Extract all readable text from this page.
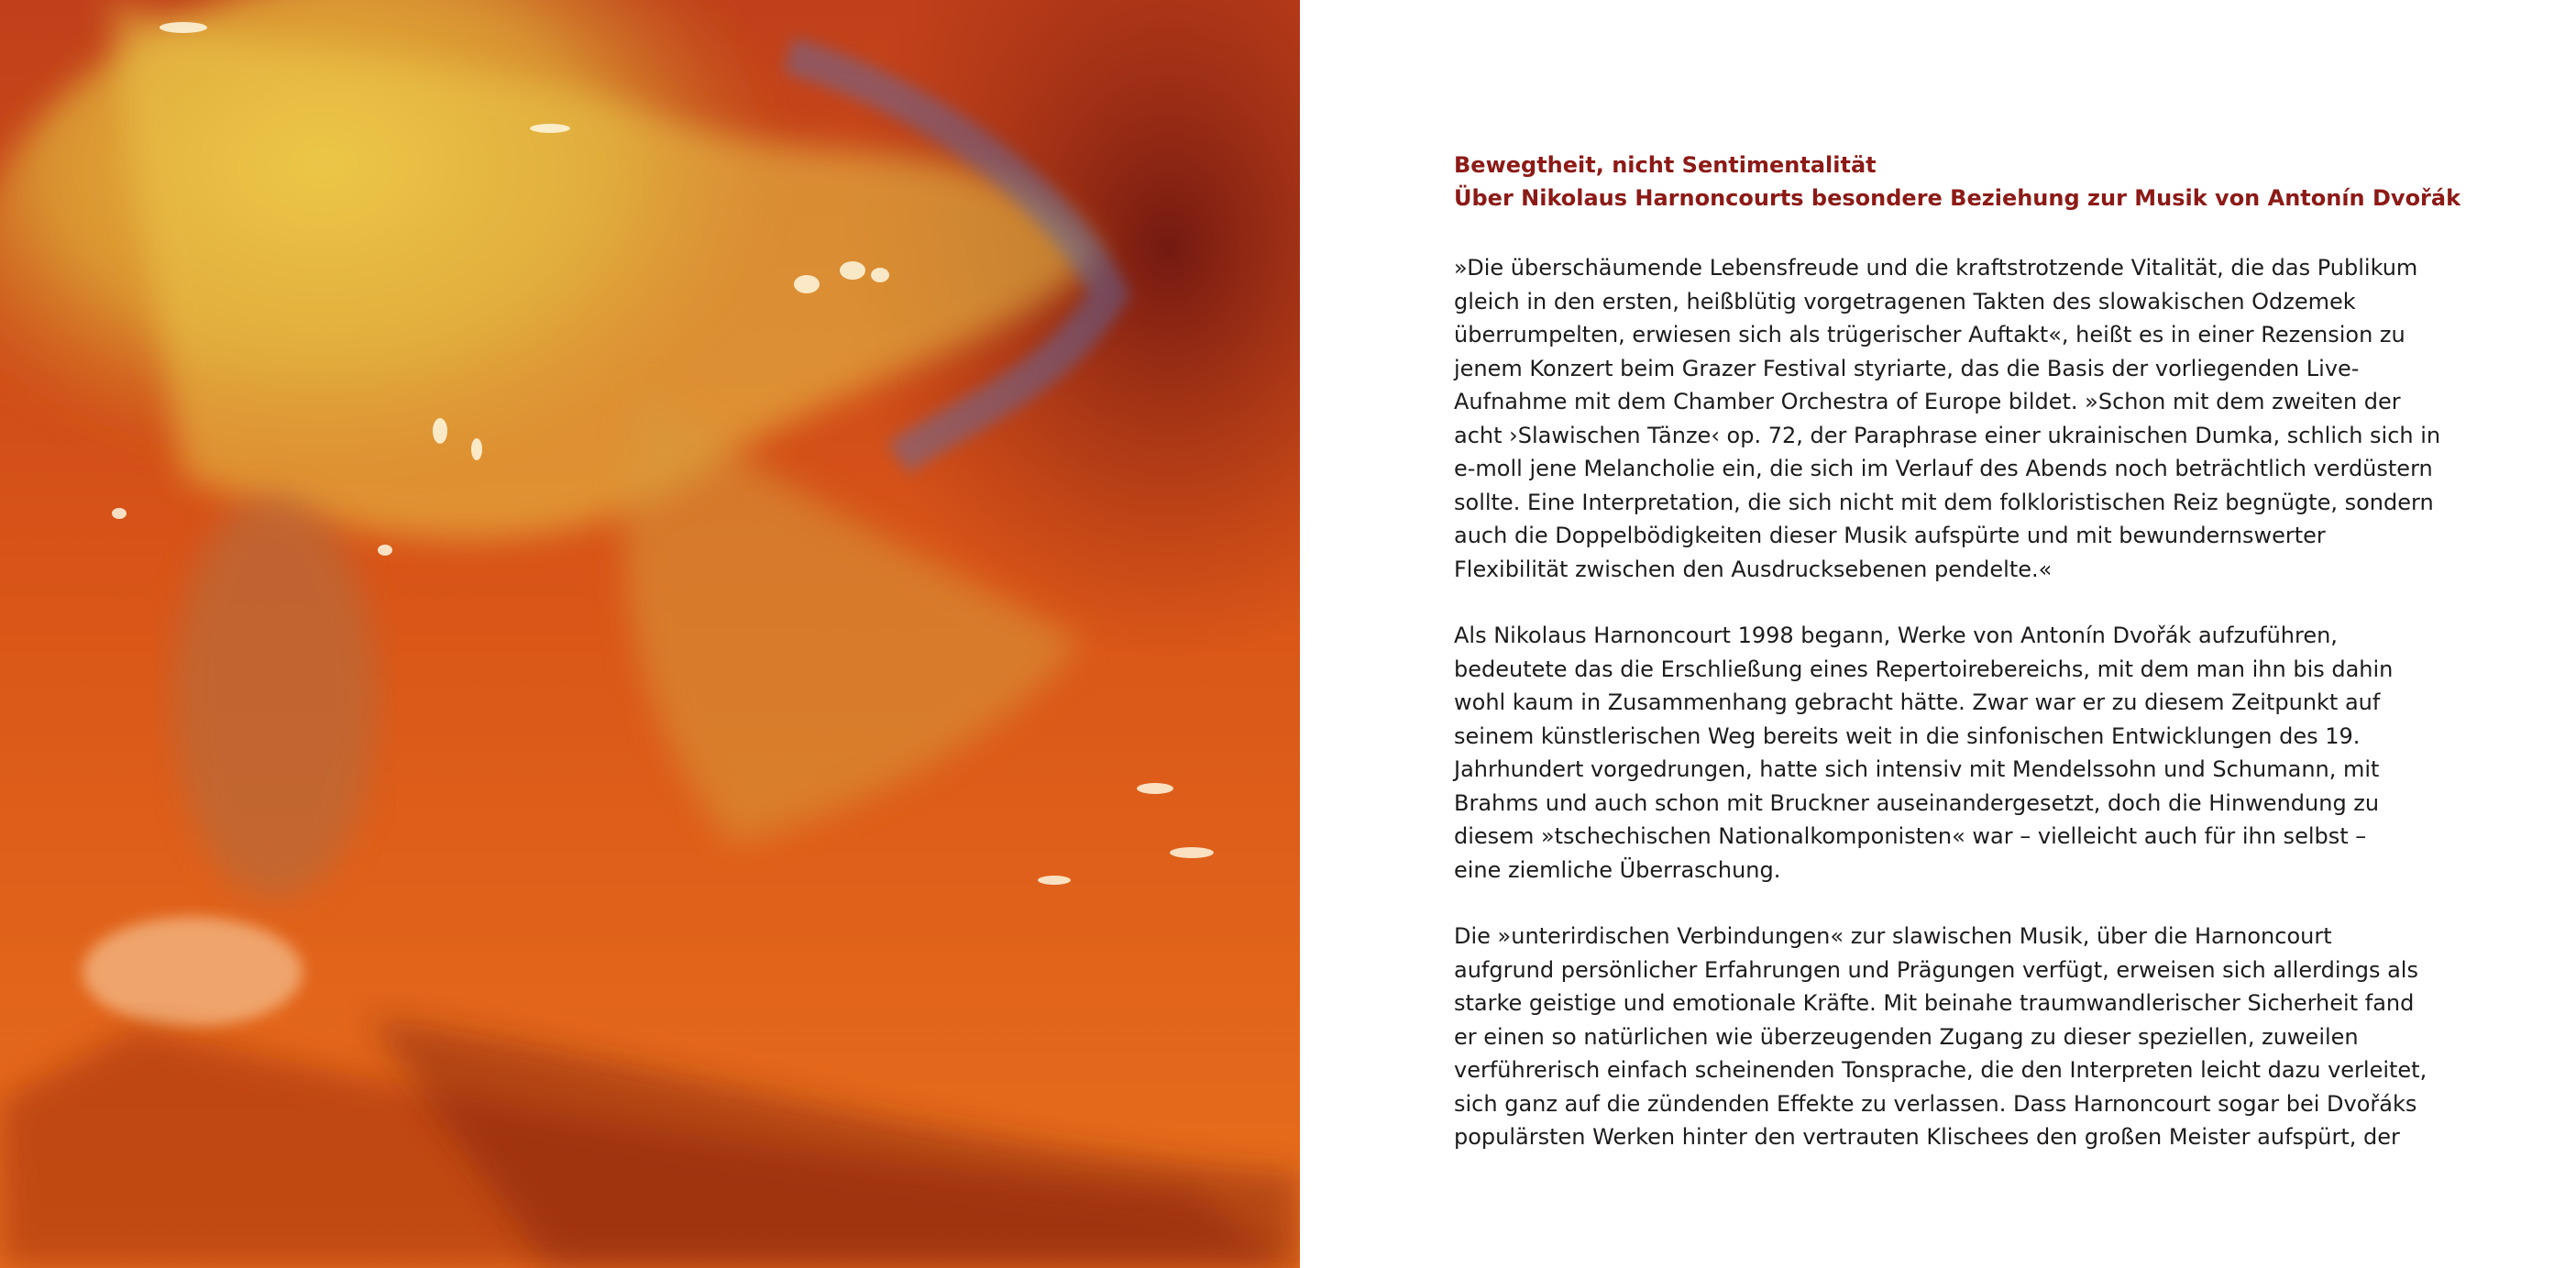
Bewegtheit, nicht Sentimentalität
Über Nikolaus Harnoncourts besondere Beziehung zur Musik von Antonín Dvořák
»Die überschäumende Lebensfreude und die kraftstrotzende Vitalität, die das Publikum
gleich in den ersten, heißblütig vorgetragenen Takten des slowakischen Odzemek
überrumpelten, erwiesen sich als trügerischer Auftakt«, heißt es in einer Rezension zu
jenem Konzert beim Grazer Festival styriarte, das die Basis der vorliegenden Live-
Aufnahme mit dem Chamber Orchestra of Europe bildet. »Schon mit dem zweiten der
acht ›Slawischen Tänze‹ op. 72, der Paraphrase einer ukrainischen Dumka, schlich sich in
e-moll jene Melancholie ein, die sich im Verlauf des Abends noch beträchtlich verdüstern
sollte. Eine Interpretation, die sich nicht mit dem folkloristischen Reiz begnügte, sondern
auch die Doppelbödigkeiten dieser Musik aufspürte und mit bewundernswerter
Flexibilität zwischen den Ausdrucksebenen pendelte.«
Als Nikolaus Harnoncourt 1998 begann, Werke von Antonín Dvořák aufzuführen,
bedeutete das die Erschließung eines Repertoirebereichs, mit dem man ihn bis dahin
wohl kaum in Zusammenhang gebracht hätte. Zwar war er zu diesem Zeitpunkt auf
seinem künstlerischen Weg bereits weit in die sinfonischen Entwicklungen des 19.
Jahrhundert vorgedrungen, hatte sich intensiv mit Mendelssohn und Schumann, mit
Brahms und auch schon mit Bruckner auseinandergesetzt, doch die Hinwendung zu
diesem »tschechischen Nationalkomponisten« war – vielleicht auch für ihn selbst –
eine ziemliche Überraschung.
Die »unterirdischen Verbindungen« zur slawischen Musik, über die Harnoncourt
aufgrund persönlicher Erfahrungen und Prägungen verfügt, erweisen sich allerdings als
starke geistige und emotionale Kräfte. Mit beinahe traumwandlerischer Sicherheit fand
er einen so natürlichen wie überzeugenden Zugang zu dieser speziellen, zuweilen
verführerisch einfach scheinenden Tonsprache, die den Interpreten leicht dazu verleitet,
sich ganz auf die zündenden Effekte zu verlassen. Dass Harnoncourt sogar bei Dvořáks
populärsten Werken hinter den vertrauten Klischees den großen Meister aufspürt, der
